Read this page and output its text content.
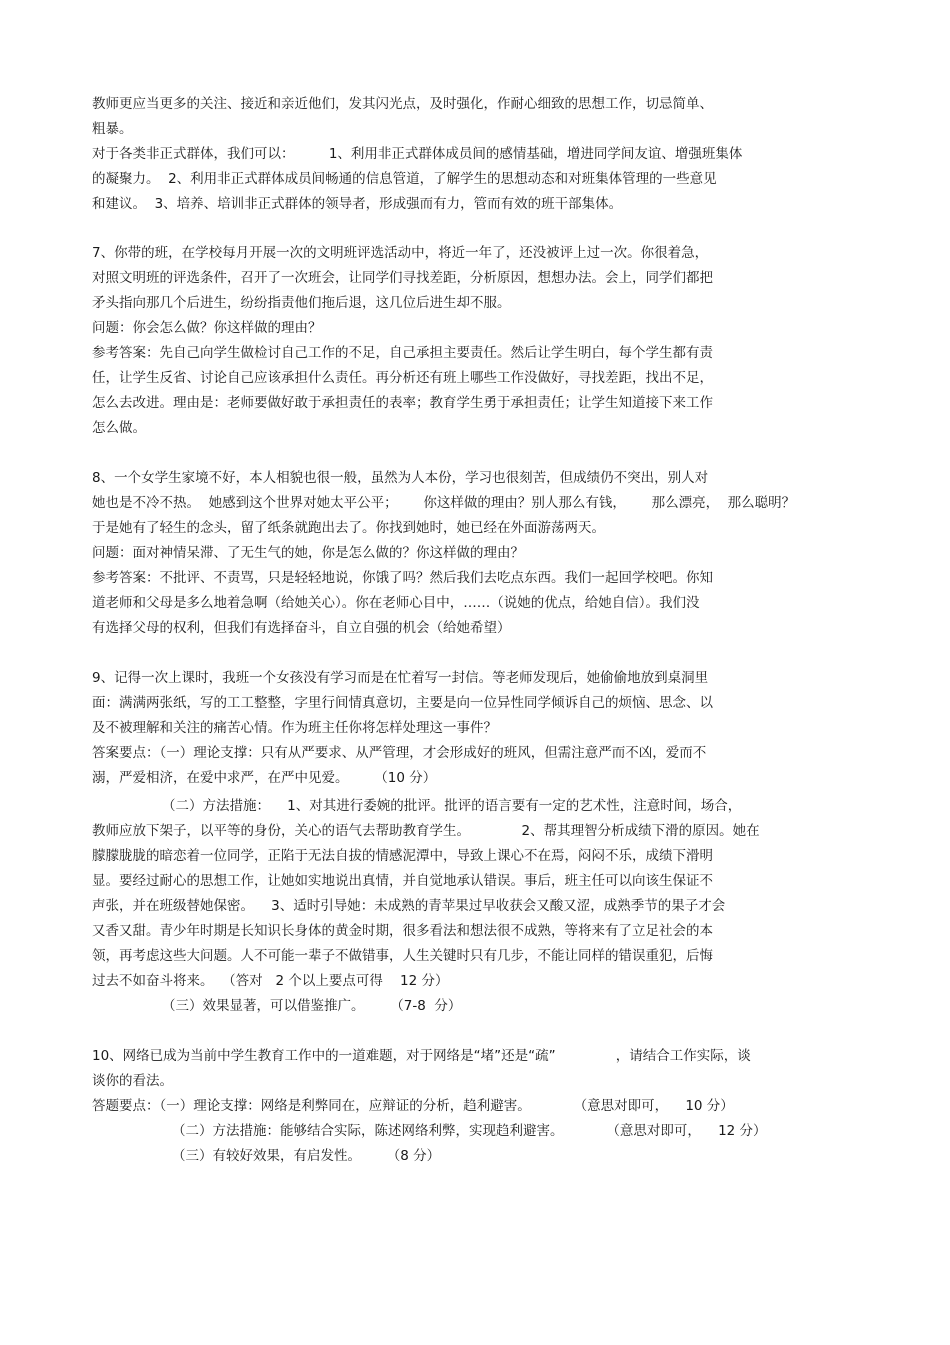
教师更应当更多的关注、接近和亲近他们，发其闪光点，及时强化，作耐心细致的思想工作，切忌简单、
粗暴。
对于各类非正式群体，我们可以：        1、利用非正式群体成员间的感情基础，增进同学间友谊、增强班集体
的凝聚力。  2、利用非正式群体成员间畅通的信息管道，了解学生的思想动态和对班集体管理的一些意见
和建议。  3、培养、培训非正式群体的领导者，形成强而有力，管而有效的班干部集体。
7、你带的班，在学校每月开展一次的文明班评选活动中，将近一年了，还没被评上过一次。你很着急，
对照文明班的评选条件，召开了一次班会，让同学们寻找差距，分析原因，想想办法。会上，同学们都把
矛头指向那几个后进生，纷纷指责他们拖后退，这几位后进生却不服。
问题：你会怎么做？你这样做的理由？
参考答案：先自己向学生做检讨自己工作的不足，自己承担主要责任。然后让学生明白，每个学生都有责
任，让学生反省、讨论自己应该承担什么责任。再分析还有班上哪些工作没做好，寻找差距，找出不足，
怎么去改进。理由是：老师要做好敢于承担责任的表率；教育学生勇于承担责任；让学生知道接下来工作
怎么做。
8、一个女学生家境不好，本人相貌也很一般，虽然为人本份，学习也很刻苦，但成绩仍不突出，别人对
她也是不冷不热。  她感到这个世界对她太平公平；      你这样做的理由？别人那么有钱，      那么漂亮，  那么聪明？
于是她有了轻生的念头，留了纸条就跑出去了。你找到她时，她已经在外面游荡两天。
问题：面对神情呆滞、了无生气的她，你是怎么做的？你这样做的理由？
参考答案：不批评、不责骂，只是轻轻地说，你饿了吗？然后我们去吃点东西。我们一起回学校吧。你知
道老师和父母是多么地着急啊（给她关心）。你在老师心目中，……（说她的优点，给她自信）。我们没
有选择父母的权利，但我们有选择奋斗，自立自强的机会（给她希望）
9、记得一次上课时，我班一个女孩没有学习而是在忙着写一封信。等老师发现后，她偷偷地放到桌洞里
面：满满两张纸，写的工工整整，字里行间情真意切，主要是向一位异性同学倾诉自己的烦恼、思念、以
及不被理解和关注的痛苦心情。作为班主任你将怎样处理这一事件？
答案要点：（一）理论支撑：只有从严要求、从严管理，才会形成好的班风，但需注意严而不凶，爱而不
溺，严爱相济，在爱中求严，在严中见爱。      （10 分）
（二）方法措施：    1、对其进行委婉的批评。批评的语言要有一定的艺术性，注意时间，场合，
教师应放下架子，以平等的身份，关心的语气去帮助教育学生。            2、帮其理智分析成绩下滑的原因。她在
朦朦胧胧的暗恋着一位同学，正陷于无法自拔的情感泥潭中，导致上课心不在焉，闷闷不乐，成绩下滑明
显。要经过耐心的思想工作，让她如实地说出真情，并自觉地承认错误。事后，班主任可以向该生保证不
声张，并在班级替她保密。    3、适时引导她：未成熟的青苹果过早收获会又酸又涩，成熟季节的果子才会
又香又甜。青少年时期是长知识长身体的黄金时期，很多看法和想法很不成熟，等将来有了立足社会的本
领，再考虑这些大问题。人不可能一辈子不做错事，人生关键时只有几步，不能让同样的错误重犯，后悔
过去不如奋斗将来。  （答对   2 个以上要点可得    12 分）
（三）效果显著，可以借鉴推广。      （7-8  分）
10、网络已成为当前中学生教育工作中的一道难题，对于网络是“堵”还是“疏”              ，请结合工作实际，谈
谈你的看法。
答题要点：（一）理论支撑：网络是利弊同在，应辩证的分析，趋利避害。          （意思对即可，    10 分）
（二）方法措施：能够结合实际，陈述网络利弊，实现趋利避害。          （意思对即可，    12 分）
（三）有较好效果，有启发性。      （8 分）
